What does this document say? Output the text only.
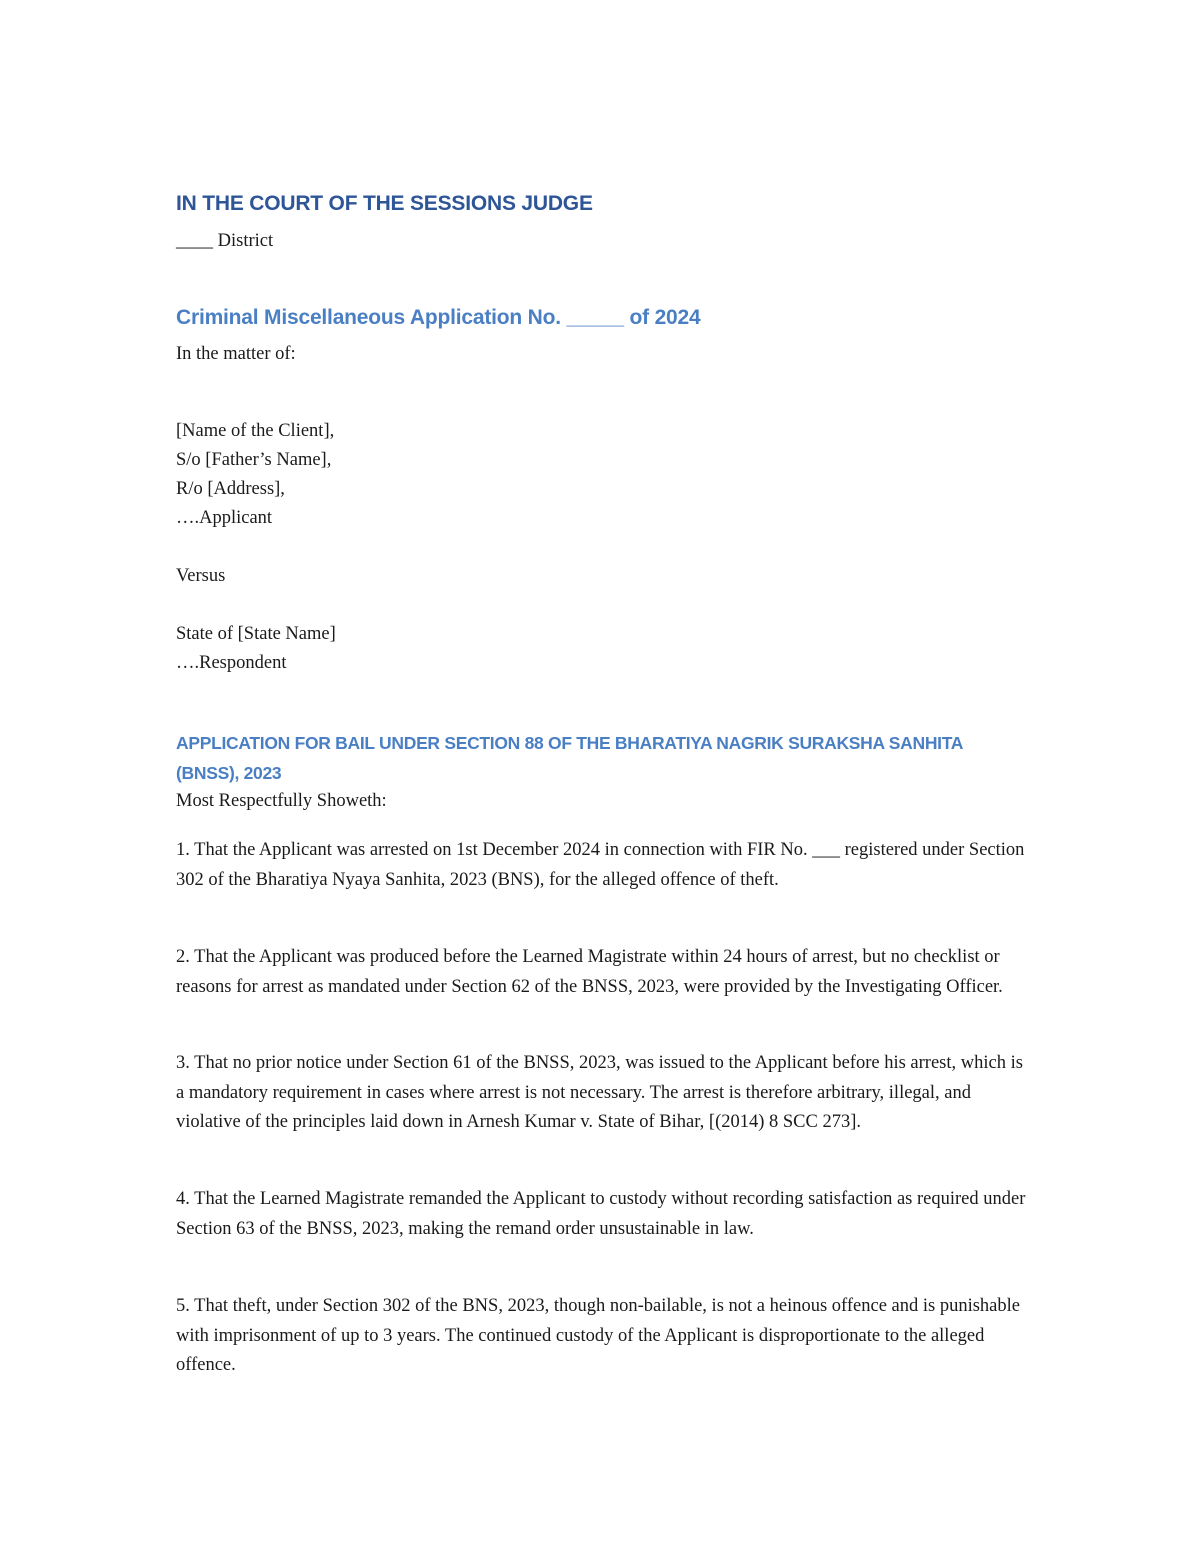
IN THE COURT OF THE SESSIONS JUDGE
____ District
Criminal Miscellaneous Application No. _____ of 2024
In the matter of:
[Name of the Client],
S/o [Father’s Name],
R/o [Address],
….Applicant
Versus
State of [State Name]
….Respondent
APPLICATION FOR BAIL UNDER SECTION 88 OF THE BHARATIYA NAGRIK SURAKSHA SANHITA (BNSS), 2023
Most Respectfully Showeth:
1. That the Applicant was arrested on 1st December 2024 in connection with FIR No. ___ registered under Section 302 of the Bharatiya Nyaya Sanhita, 2023 (BNS), for the alleged offence of theft.
2. That the Applicant was produced before the Learned Magistrate within 24 hours of arrest, but no checklist or reasons for arrest as mandated under Section 62 of the BNSS, 2023, were provided by the Investigating Officer.
3. That no prior notice under Section 61 of the BNSS, 2023, was issued to the Applicant before his arrest, which is a mandatory requirement in cases where arrest is not necessary. The arrest is therefore arbitrary, illegal, and violative of the principles laid down in Arnesh Kumar v. State of Bihar, [(2014) 8 SCC 273].
4. That the Learned Magistrate remanded the Applicant to custody without recording satisfaction as required under Section 63 of the BNSS, 2023, making the remand order unsustainable in law.
5. That theft, under Section 302 of the BNS, 2023, though non-bailable, is not a heinous offence and is punishable with imprisonment of up to 3 years. The continued custody of the Applicant is disproportionate to the alleged offence.
